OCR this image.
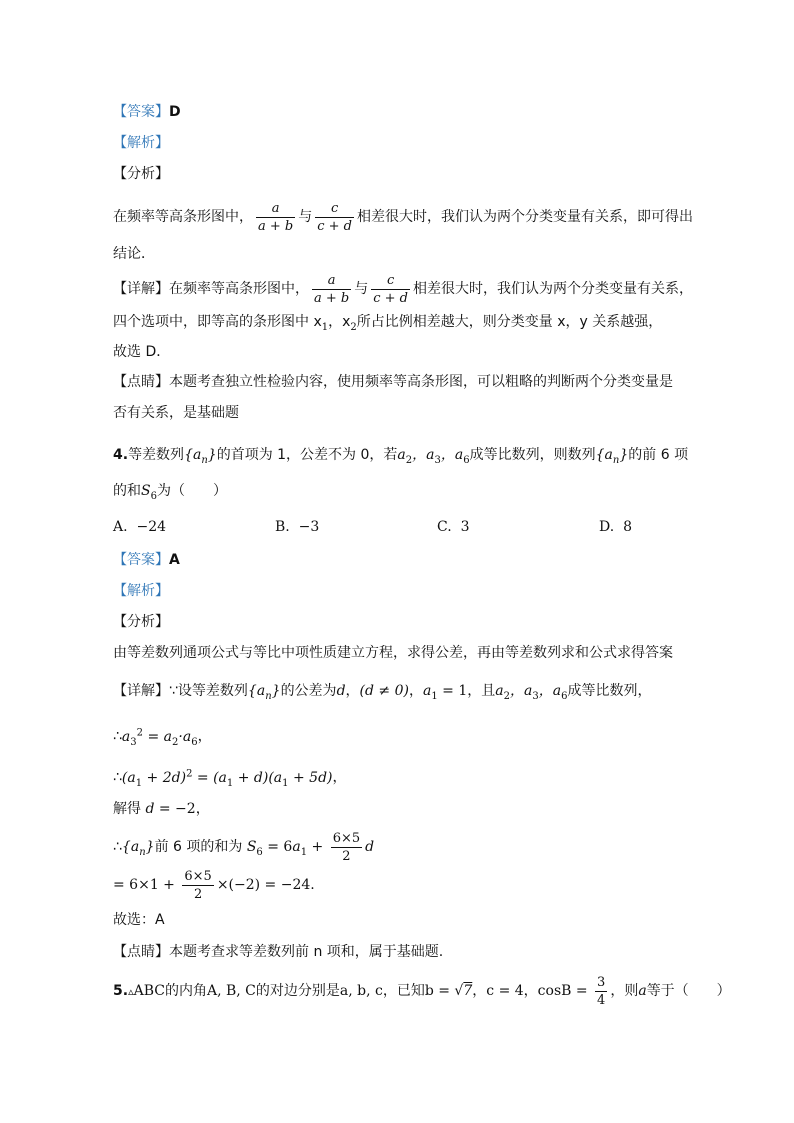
【答案】D
【解析】
【分析】
在频率等高条形图中， $\frac{a}{a + b}$ 与 $\frac{c}{c + d}$ 相差很大时，我们认为两个分类变量有关系，即可得出
结论．
【详解】在频率等高条形图中， $\frac{a}{a + b}$ 与 $\frac{c}{c + d}$ 相差很大时，我们认为两个分类变量有关系，
四个选项中，即等高的条形图中 $x_1$，$x_2$所占比例相差越大，则分类变量 x，y 关系越强，
故选 D．
【点睛】本题考查独立性检验内容，使用频率等高条形图，可以粗略的判断两个分类变量是
否有关系，是基础题
4.等差数列$\{a_n\}$的首项为 1，公差不为 0，若$a_2$，$a_3$，$a_6$成等比数列，则数列$\{a_n\}$的前 6 项
的和$S_6$为（　　）
A. −24	B. −3	C. 3	D. 8
【答案】A
【解析】
【分析】
由等差数列通项公式与等比中项性质建立方程，求得公差，再由等差数列求和公式求得答案
【详解】∵设等差数列$\{a_n\}$的公差为d，(d ≠ 0)，$a_1 = 1$，且$a_2$，$a_3$，$a_6$成等比数列，
$\therefore a_3^2 = a_2\cdot a_6$，
$\therefore(a_1 + 2d)^2 = (a_1 + d)(a_1 + 5d)$，
解得 d = −2，
$\therefore\{a_n\}$前 6 项的和为 $S_6 = 6a_1 + \frac{6\times 5}{2}$ d
= $6\times 1 + \frac{6\times 5}{2} \times(-2) = -24$.
故选：A
【点睛】本题考查求等差数列前 n 项和，属于基础题.
5.▵ABC的内角A, B, C的对边分别是a, b, c，已知b = √7，c = 4，$\cos B = \frac{3}{4}$ ，则a等于（　　）
